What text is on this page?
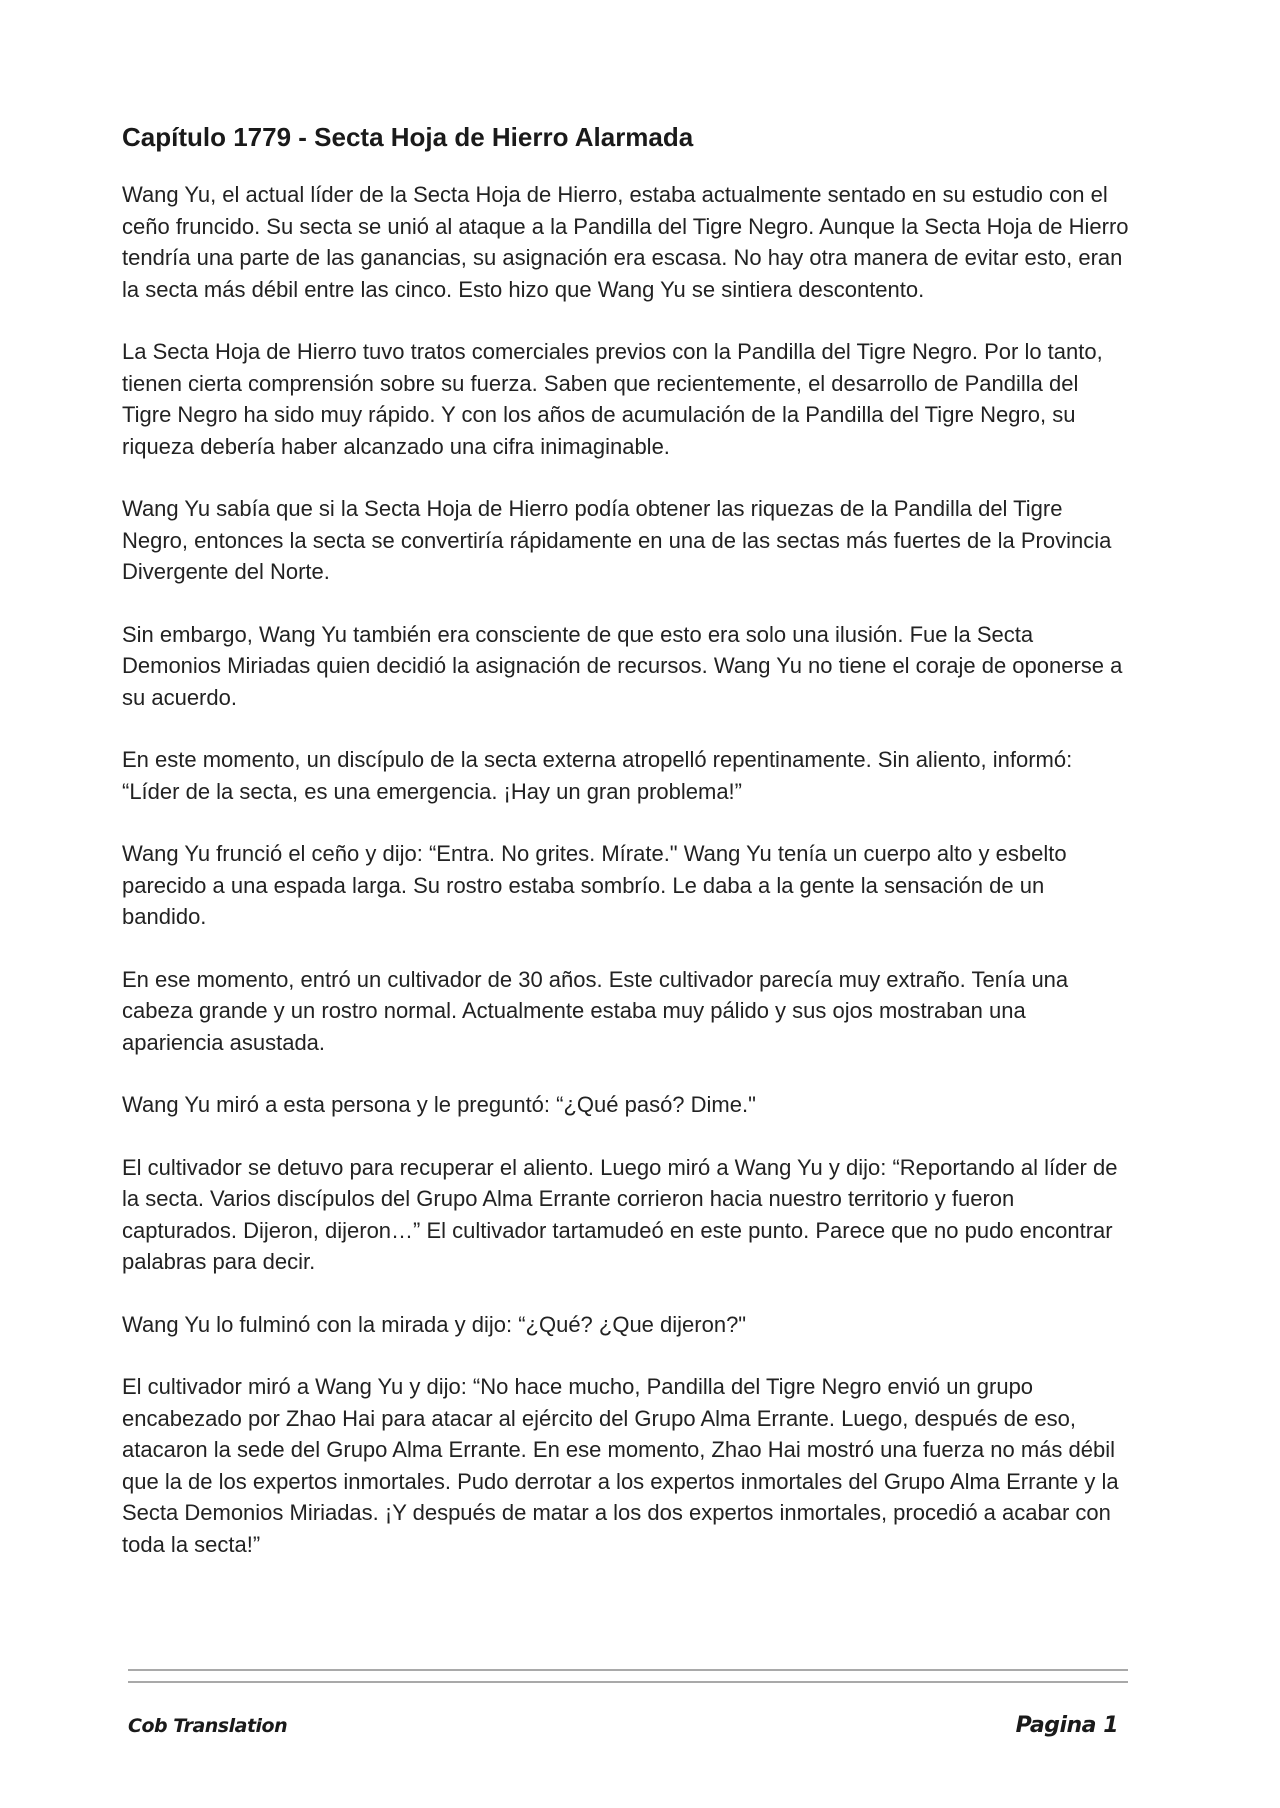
Capítulo 1779 - Secta Hoja de Hierro Alarmada

Wang Yu, el actual líder de la Secta Hoja de Hierro, estaba actualmente sentado en su estudio con el ceño fruncido. Su secta se unió al ataque a la Pandilla del Tigre Negro. Aunque la Secta Hoja de Hierro tendría una parte de las ganancias, su asignación era escasa. No hay otra manera de evitar esto, eran la secta más débil entre las cinco. Esto hizo que Wang Yu se sintiera descontento.

La Secta Hoja de Hierro tuvo tratos comerciales previos con la Pandilla del Tigre Negro. Por lo tanto, tienen cierta comprensión sobre su fuerza. Saben que recientemente, el desarrollo de Pandilla del Tigre Negro ha sido muy rápido. Y con los años de acumulación de la Pandilla del Tigre Negro, su riqueza debería haber alcanzado una cifra inimaginable.

Wang Yu sabía que si la Secta Hoja de Hierro podía obtener las riquezas de la Pandilla del Tigre Negro, entonces la secta se convertiría rápidamente en una de las sectas más fuertes de la Provincia Divergente del Norte.

Sin embargo, Wang Yu también era consciente de que esto era solo una ilusión. Fue la Secta Demonios Miriadas quien decidió la asignación de recursos. Wang Yu no tiene el coraje de oponerse a su acuerdo.

En este momento, un discípulo de la secta externa atropelló repentinamente. Sin aliento, informó: “Líder de la secta, es una emergencia. ¡Hay un gran problema!”

Wang Yu frunció el ceño y dijo: “Entra. No grites. Mírate." Wang Yu tenía un cuerpo alto y esbelto parecido a una espada larga. Su rostro estaba sombrío. Le daba a la gente la sensación de un bandido.

En ese momento, entró un cultivador de 30 años. Este cultivador parecía muy extraño. Tenía una cabeza grande y un rostro normal. Actualmente estaba muy pálido y sus ojos mostraban una apariencia asustada.

Wang Yu miró a esta persona y le preguntó: “¿Qué pasó? Dime."

El cultivador se detuvo para recuperar el aliento. Luego miró a Wang Yu y dijo: “Reportando al líder de la secta. Varios discípulos del Grupo Alma Errante corrieron hacia nuestro territorio y fueron capturados. Dijeron, dijeron…” El cultivador tartamudeó en este punto. Parece que no pudo encontrar palabras para decir.

Wang Yu lo fulminó con la mirada y dijo: “¿Qué? ¿Que dijeron?"

El cultivador miró a Wang Yu y dijo: “No hace mucho, Pandilla del Tigre Negro envió un grupo encabezado por Zhao Hai para atacar al ejército del Grupo Alma Errante. Luego, después de eso, atacaron la sede del Grupo Alma Errante. En ese momento, Zhao Hai mostró una fuerza no más débil que la de los expertos inmortales. Pudo derrotar a los expertos inmortales del Grupo Alma Errante y la Secta Demonios Miriadas. ¡Y después de matar a los dos expertos inmortales, procedió a acabar con toda la secta!”

Cob Translation	Pagina 1
